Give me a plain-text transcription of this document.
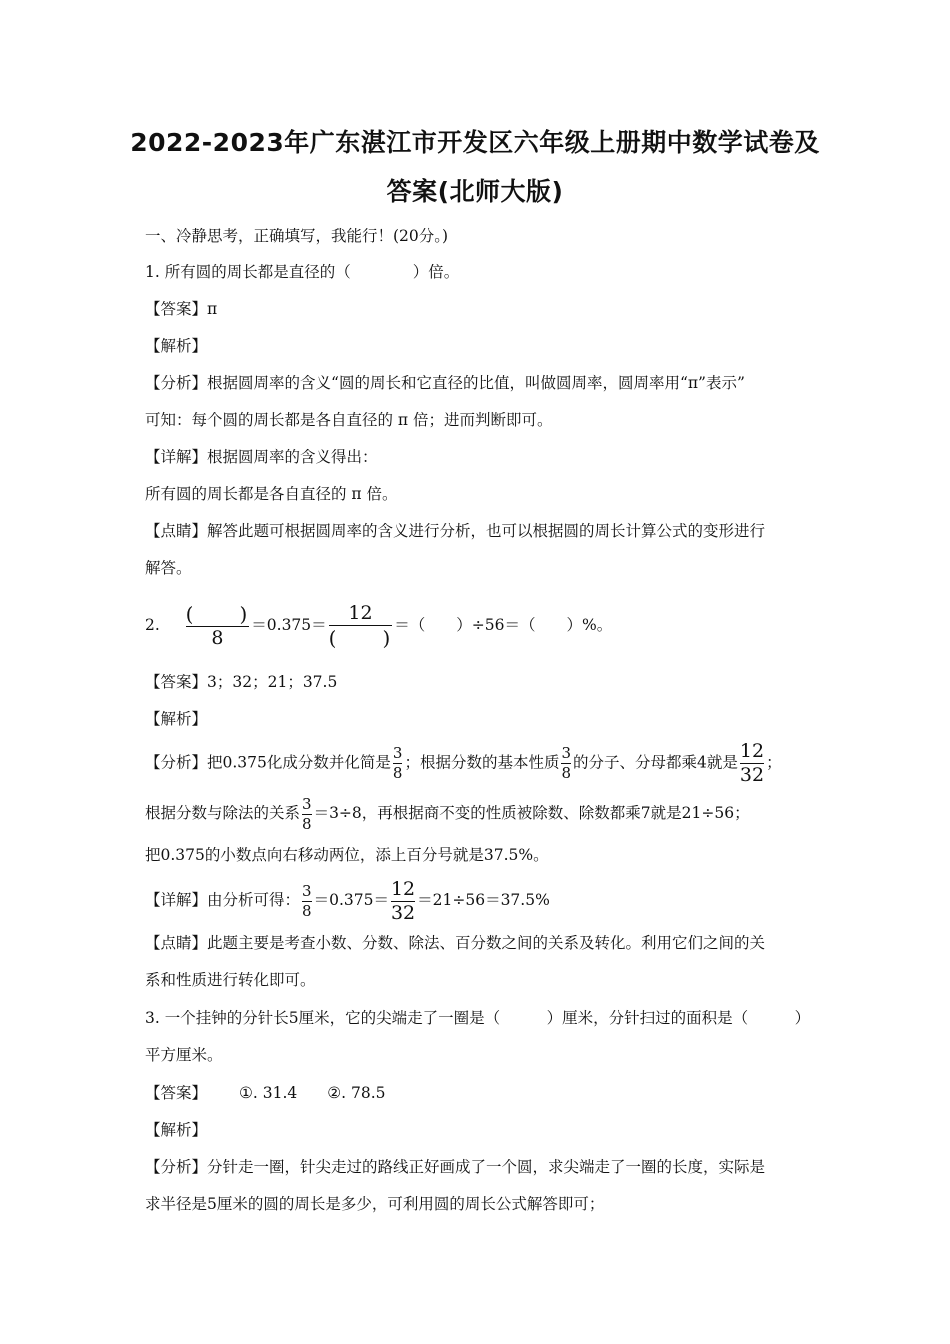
2022-2023年广东湛江市开发区六年级上册期中数学试卷及
答案(北师大版)
一、冷静思考，正确填写，我能行！(20分。)
1. 所有圆的周长都是直径的（　　　　）倍。
【答案】π
【解析】
【分析】根据圆周率的含义“圆的周长和它直径的比值，叫做圆周率，圆周率用“π”表示”
可知：每个圆的周长都是各自直径的 π 倍；进而判断即可。
【详解】根据圆周率的含义得出：
所有圆的周长都是各自直径的 π 倍。
【点睛】解答此题可根据圆周率的含义进行分析，也可以根据圆的周长计算公式的变形进行
解答。
2. $\frac{( )}{8} =0.375= \frac{12}{( )}$ ＝（　　）÷56＝（　　）%。
【答案】3；32；21；37.5
【解析】
【分析】把0.375化成分数并化简是 $\frac{3}{8}$ ；根据分数的基本性质 $\frac{3}{8}$ 的分子、分母都乘4就是 $\frac{12}{32}$ ；
根据分数与除法的关系 $\frac{3}{8} =3\div 8$，再根据商不变的性质被除数、除数都乘7就是21÷56；
把0.375的小数点向右移动两位，添上百分号就是37.5%。
【详解】由分析可得： $\frac{3}{8} =0.375= \frac{12}{32} =21\div 56=37.5\%$
【点睛】此题主要是考查小数、分数、除法、百分数之间的关系及转化。利用它们之间的关
系和性质进行转化即可。
3. 一个挂钟的分针长5厘米，它的尖端走了一圈是（　　　）厘米，分针扫过的面积是（　　　）
平方厘米。
【答案】 ①. 31.4 ②. 78.5
【解析】
【分析】分针走一圈，针尖走过的路线正好画成了一个圆，求尖端走了一圈的长度，实际是
求半径是5厘米的圆的周长是多少，可利用圆的周长公式解答即可；
